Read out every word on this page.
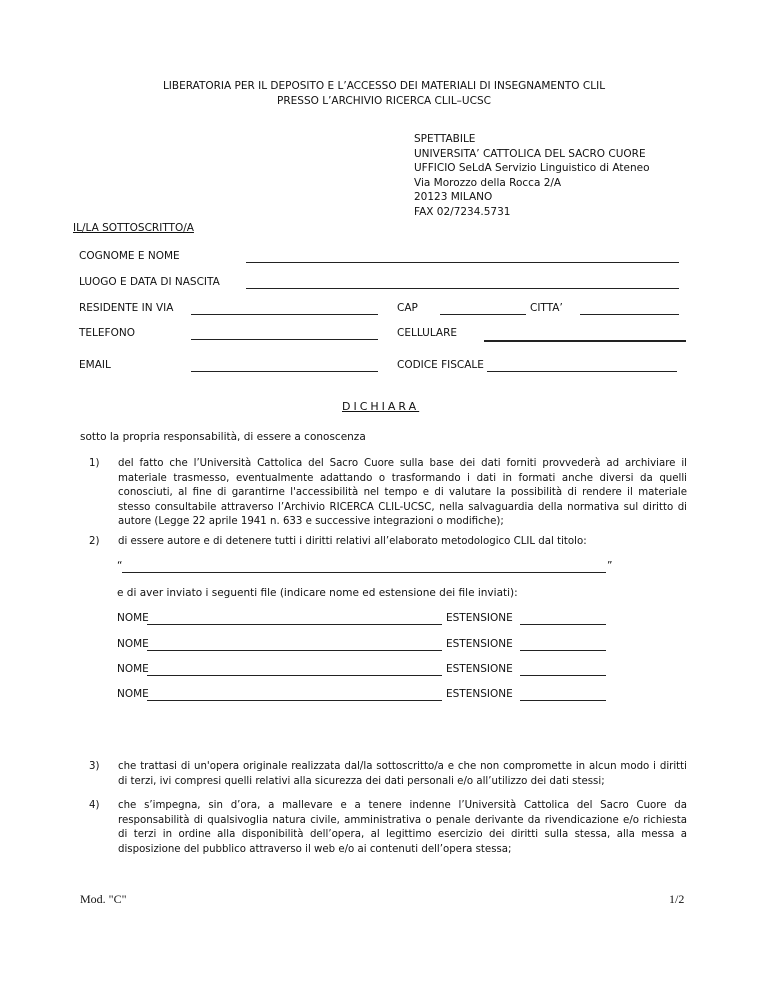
LIBERATORIA PER IL DEPOSITO E L’ACCESSO DEI MATERIALI DI INSEGNAMENTO CLIL
PRESSO L’ARCHIVIO RICERCA CLIL–UCSC
SPETTABILE
UNIVERSITA’ CATTOLICA DEL SACRO CUORE
UFFICIO SeLdA Servizio Linguistico di Ateneo
Via Morozzo della Rocca 2/A
20123 MILANO
FAX 02/7234.5731
IL/LA SOTTOSCRITTO/A
COGNOME E NOME
LUOGO E DATA DI NASCITA
RESIDENTE IN VIA	CAP	CITTA’
TELEFONO	CELLULARE
EMAIL	CODICE FISCALE
DICHIARA
sotto la propria responsabilità, di essere a conoscenza
1) del fatto che l’Università Cattolica del Sacro Cuore sulla base dei dati forniti provvederà ad archiviare il materiale trasmesso, eventualmente adattando o trasformando i dati in formati anche diversi da quelli conosciuti, al fine di garantirne l'accessibilità nel tempo e di valutare la possibilità di rendere il materiale stesso consultabile attraverso l’Archivio RICERCA CLIL-UCSC, nella salvaguardia della normativa sul diritto di autore (Legge 22 aprile 1941 n. 633 e successive integrazioni o modifiche);
2) di essere autore e di detenere tutti i diritti relativi all’elaborato metodologico CLIL dal titolo:
“	”
e di aver inviato i seguenti file (indicare nome ed estensione dei file inviati):
NOME	ESTENSIONE
NOME	ESTENSIONE
NOME	ESTENSIONE
NOME	ESTENSIONE
3) che trattasi di un'opera originale realizzata dal/la sottoscritto/a e che non compromette in alcun modo i diritti di terzi, ivi compresi quelli relativi alla sicurezza dei dati personali e/o all’utilizzo dei dati stessi;
4) che s’impegna, sin d’ora, a mallevare e a tenere indenne l’Università Cattolica del Sacro Cuore da responsabilità di qualsivoglia natura civile, amministrativa o penale derivante da rivendicazione e/o richiesta di terzi in ordine alla disponibilità dell’opera, al legittimo esercizio dei diritti sulla stessa, alla messa a disposizione del pubblico attraverso il web e/o ai contenuti dell’opera stessa;
Mod. "C"	1/2
